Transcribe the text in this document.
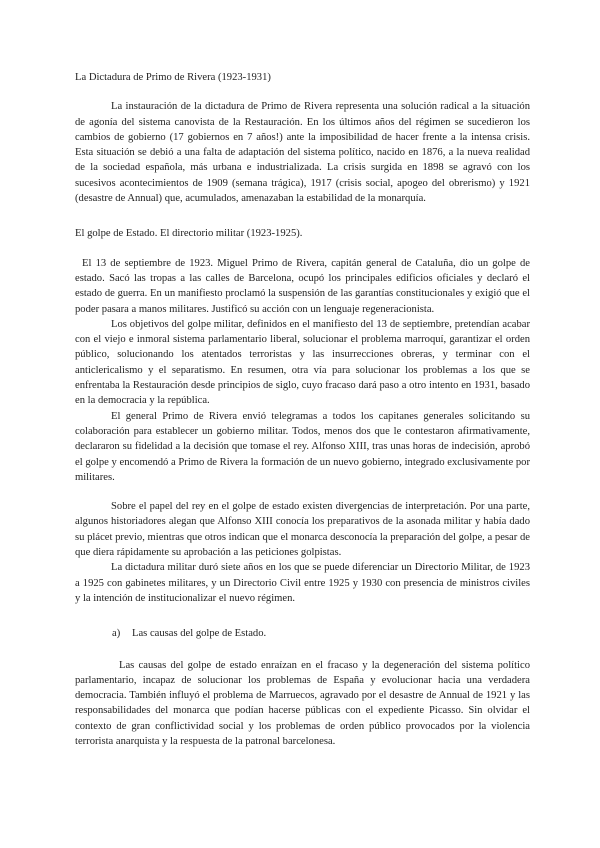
La Dictadura de Primo de Rivera (1923-1931)

La instauración de la dictadura de Primo de Rivera representa una solución radical a la situación de agonía del sistema canovista de la Restauración. En los últimos años del régimen se sucedieron los cambios de gobierno (17 gobiernos en 7 años!) ante la imposibilidad de hacer frente a la intensa crisis. Esta situación se debió a una falta de adaptación del sistema político, nacido en 1876, a la nueva realidad de la sociedad española, más urbana e industrializada. La crisis surgida en 1898 se agravó con los sucesivos acontecimientos de 1909 (semana trágica), 1917 (crisis social, apogeo del obrerismo) y 1921 (desastre de Annual) que, acumulados, amenazaban la estabilidad de la monarquía.

El golpe de Estado. El directorio militar (1923-1925).

El 13 de septiembre de 1923. Miguel Primo de Rivera, capitán general de Cataluña, dio un golpe de estado. Sacó las tropas a las calles de Barcelona, ocupó los principales edificios oficiales y declaró el estado de guerra. En un manifiesto proclamó la suspensión de las garantías constitucionales y exigió que el poder pasara a manos militares. Justificó su acción con un lenguaje regeneracionista.

Los objetivos del golpe militar, definidos en el manifiesto del 13 de septiembre, pretendían acabar con el viejo e inmoral sistema parlamentario liberal, solucionar el problema marroquí, garantizar el orden público, solucionando los atentados terroristas y las insurrecciones obreras, y terminar con el anticlericalismo y el separatismo. En resumen, otra vía para solucionar los problemas a los que se enfrentaba la Restauración desde principios de siglo, cuyo fracaso dará paso a otro intento en 1931, basado en la democracia y la república.

El general Primo de Rivera envió telegramas a todos los capitanes generales solicitando su colaboración para establecer un gobierno militar. Todos, menos dos que le contestaron afirmativamente, declararon su fidelidad a la decisión que tomase el rey. Alfonso XIII, tras unas horas de indecisión, aprobó el golpe y encomendó a Primo de Rivera la formación de un nuevo gobierno, integrado exclusivamente por militares.

Sobre el papel del rey en el golpe de estado existen divergencias de interpretación. Por una parte, algunos historiadores alegan que Alfonso XIII conocía los preparativos de la asonada militar y había dado su plácet previo, mientras que otros indican que el monarca desconocía la preparación del golpe, a pesar de que diera rápidamente su aprobación a las peticiones golpistas.

La dictadura militar duró siete años en los que se puede diferenciar un Directorio Militar, de 1923 a 1925 con gabinetes militares, y un Directorio Civil entre 1925 y 1930 con presencia de ministros civiles y la intención de institucionalizar el nuevo régimen.

a)	Las causas del golpe de Estado.

Las causas del golpe de estado enraízan en el fracaso y la degeneración del sistema político parlamentario, incapaz de solucionar los problemas de España y evolucionar hacia una verdadera democracia. También influyó el problema de Marruecos, agravado por el desastre de Annual de 1921 y las responsabilidades del monarca que podían hacerse públicas con el expediente Picasso. Sin olvidar el contexto de gran conflictividad social y los problemas de orden público provocados por la violencia terrorista anarquista y la respuesta de la patronal barcelonesa.
